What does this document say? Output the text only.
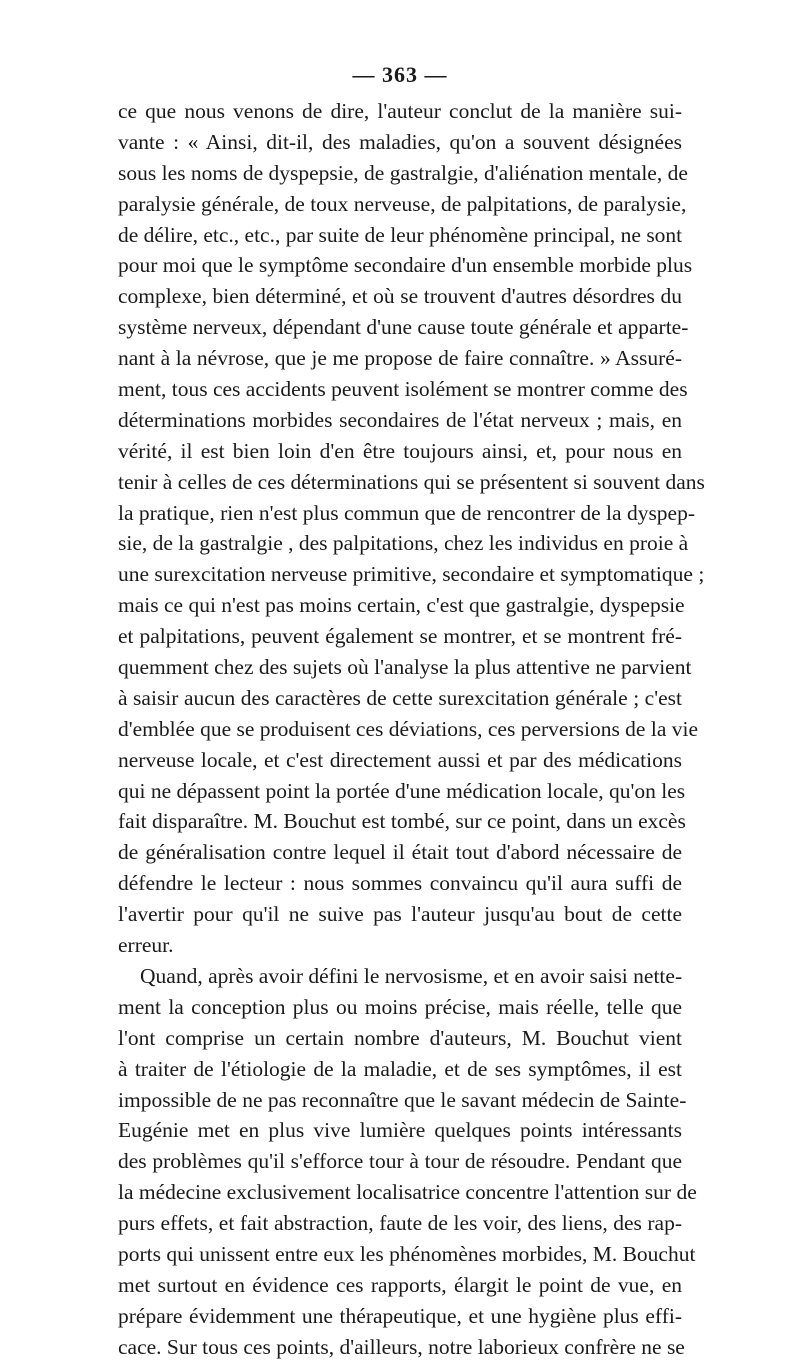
— 363 —
ce que nous venons de dire, l'auteur conclut de la manière sui-
vante : « Ainsi, dit-il, des maladies, qu'on a souvent désignées
sous les noms de dyspepsie, de gastralgie, d'aliénation mentale, de
paralysie générale, de toux nerveuse, de palpitations, de paralysie,
de délire, etc., etc., par suite de leur phénomène principal, ne sont
pour moi que le symptôme secondaire d'un ensemble morbide plus
complexe, bien déterminé, et où se trouvent d'autres désordres du
système nerveux, dépendant d'une cause toute générale et apparte-
nant à la névrose, que je me propose de faire connaître. » Assuré-
ment, tous ces accidents peuvent isolément se montrer comme des
déterminations morbides secondaires de l'état nerveux ; mais, en
vérité, il est bien loin d'en être toujours ainsi, et, pour nous en
tenir à celles de ces déterminations qui se présentent si souvent dans
la pratique, rien n'est plus commun que de rencontrer de la dyspep-
sie, de la gastralgie , des palpitations, chez les individus en proie à
une surexcitation nerveuse primitive, secondaire et symptomatique ;
mais ce qui n'est pas moins certain, c'est que gastralgie, dyspepsie
et palpitations, peuvent également se montrer, et se montrent fré-
quemment chez des sujets où l'analyse la plus attentive ne parvient
à saisir aucun des caractères de cette surexcitation générale ; c'est
d'emblée que se produisent ces déviations, ces perversions de la vie
nerveuse locale, et c'est directement aussi et par des médications
qui ne dépassent point la portée d'une médication locale, qu'on les
fait disparaître. M. Bouchut est tombé, sur ce point, dans un excès
de généralisation contre lequel il était tout d'abord nécessaire de
défendre le lecteur : nous sommes convaincu qu'il aura suffi de
l'avertir pour qu'il ne suive pas l'auteur jusqu'au bout de cette
erreur.
Quand, après avoir défini le nervosisme, et en avoir saisi nette-
ment la conception plus ou moins précise, mais réelle, telle que
l'ont comprise un certain nombre d'auteurs, M. Bouchut vient
à traiter de l'étiologie de la maladie, et de ses symptômes, il est
impossible de ne pas reconnaître que le savant médecin de Sainte-
Eugénie met en plus vive lumière quelques points intéressants
des problèmes qu'il s'efforce tour à tour de résoudre. Pendant que
la médecine exclusivement localisatrice concentre l'attention sur de
purs effets, et fait abstraction, faute de les voir, des liens, des rap-
ports qui unissent entre eux les phénomènes morbides, M. Bouchut
met surtout en évidence ces rapports, élargit le point de vue, en
prépare évidemment une thérapeutique, et une hygiène plus effi-
cace. Sur tous ces points, d'ailleurs, notre laborieux confrère ne se
